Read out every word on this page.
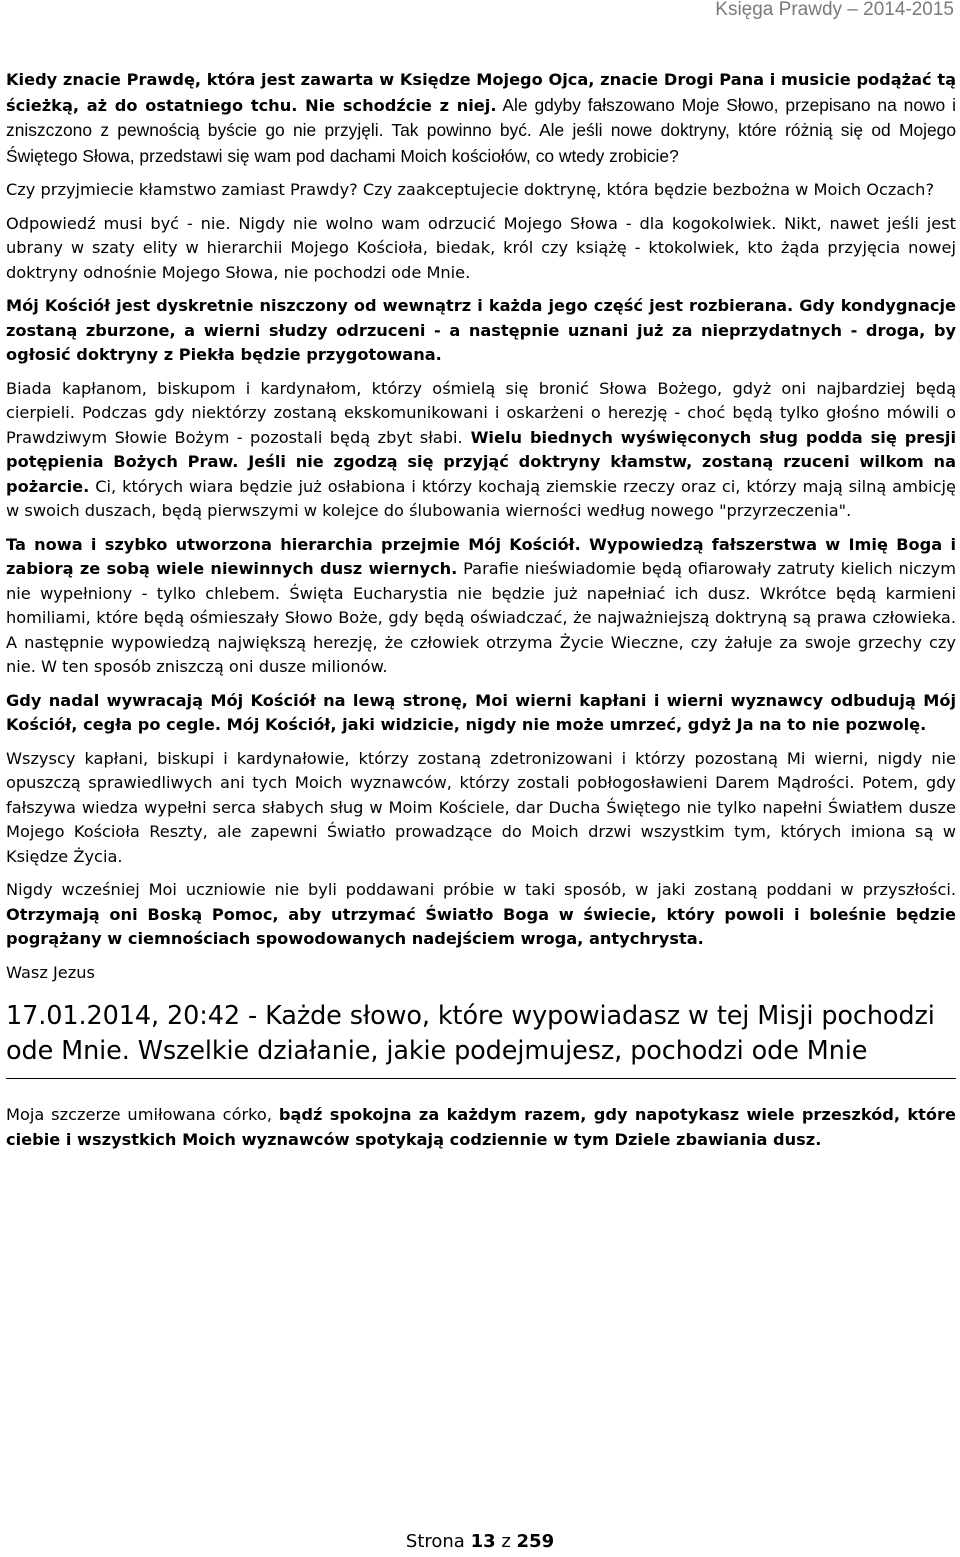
Księga Prawdy – 2014-2015

Kiedy znacie Prawdę, która jest zawarta w Księdze Mojego Ojca, znacie Drogi Pana i musicie podążać tą ścieżką, aż do ostatniego tchu. Nie schodźcie z niej. Ale gdyby fałszowano Moje Słowo, przepisano na nowo i zniszczono z pewnością byście go nie przyjęli. Tak powinno być. Ale jeśli nowe doktryny, które różnią się od Mojego Świętego Słowa, przedstawi się wam pod dachami Moich kościołów, co wtedy zrobicie?

Czy przyjmiecie kłamstwo zamiast Prawdy? Czy zaakceptujecie doktrynę, która będzie bezbożna w Moich Oczach?

Odpowiedź musi być - nie. Nigdy nie wolno wam odrzucić Mojego Słowa - dla kogokolwiek. Nikt, nawet jeśli jest ubrany w szaty elity w hierarchii Mojego Kościoła, biedak, król czy książę - ktokolwiek, kto żąda przyjęcia nowej doktryny odnośnie Mojego Słowa, nie pochodzi ode Mnie.

Mój Kościół jest dyskretnie niszczony od wewnątrz i każda jego część jest rozbierana. Gdy kondygnacje zostaną zburzone, a wierni słudzy odrzuceni - a następnie uznani już za nieprzydatnych - droga, by ogłosić doktryny z Piekła będzie przygotowana.

Biada kapłanom, biskupom i kardynałom, którzy ośmielą się bronić Słowa Bożego, gdyż oni najbardziej będą cierpieli. Podczas gdy niektórzy zostaną ekskomunikowani i oskarżeni o herezję - choć będą tylko głośno mówili o Prawdziwym Słowie Bożym - pozostali będą zbyt słabi. Wielu biednych wyświęconych sług podda się presji potępienia Bożych Praw. Jeśli nie zgodzą się przyjąć doktryny kłamstw, zostaną rzuceni wilkom na pożarcie. Ci, których wiara będzie już osłabiona i którzy kochają ziemskie rzeczy oraz ci, którzy mają silną ambicję w swoich duszach, będą pierwszymi w kolejce do ślubowania wierności według nowego "przyrzeczenia".

Ta nowa i szybko utworzona hierarchia przejmie Mój Kościół. Wypowiedzą fałszerstwa w Imię Boga i zabiorą ze sobą wiele niewinnych dusz wiernych. Parafie nieświadomie będą ofiarowały zatruty kielich niczym nie wypełniony - tylko chlebem. Święta Eucharystia nie będzie już napełniać ich dusz. Wkrótce będą karmieni homiliami, które będą ośmieszały Słowo Boże, gdy będą oświadczać, że najważniejszą doktryną są prawa człowieka. A następnie wypowiedzą największą herezję, że człowiek otrzyma Życie Wieczne, czy żałuje za swoje grzechy czy nie. W ten sposób zniszczą oni dusze milionów.

Gdy nadal wywracają Mój Kościół na lewą stronę, Moi wierni kapłani i wierni wyznawcy odbudują Mój Kościół, cegła po cegle. Mój Kościół, jaki widzicie, nigdy nie może umrzeć, gdyż Ja na to nie pozwolę.

Wszyscy kapłani, biskupi i kardynałowie, którzy zostaną zdetronizowani i którzy pozostaną Mi wierni, nigdy nie opuszczą sprawiedliwych ani tych Moich wyznawców, którzy zostali pobłogosławieni Darem Mądrości. Potem, gdy fałszywa wiedza wypełni serca słabych sług w Moim Kościele, dar Ducha Świętego nie tylko napełni Światłem dusze Mojego Kościoła Reszty, ale zapewni Światło prowadzące do Moich drzwi wszystkim tym, których imiona są w Księdze Życia.

Nigdy wcześniej Moi uczniowie nie byli poddawani próbie w taki sposób, w jaki zostaną poddani w przyszłości. Otrzymają oni Boską Pomoc, aby utrzymać Światło Boga w świecie, który powoli i boleśnie będzie pogrążany w ciemnościach spowodowanych nadejściem wroga, antychrysta.

Wasz Jezus

17.01.2014, 20:42 - Każde słowo, które wypowiadasz w tej Misji pochodzi ode Mnie. Wszelkie działanie, jakie podejmujesz, pochodzi ode Mnie

Moja szczerze umiłowana córko, bądź spokojna za każdym razem, gdy napotykasz wiele przeszkód, które ciebie i wszystkich Moich wyznawców spotykają codziennie w tym Dziele zbawiania dusz.

Strona 13 z 259
